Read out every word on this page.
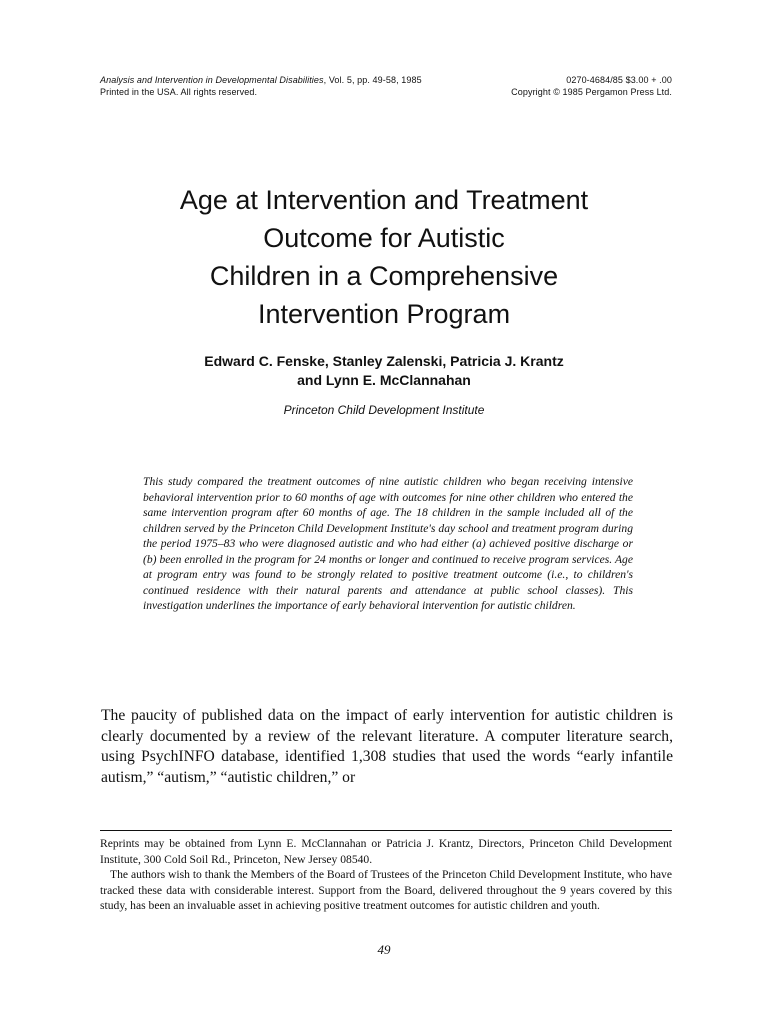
Analysis and Intervention in Developmental Disabilities, Vol. 5, pp. 49-58, 1985
Printed in the USA. All rights reserved.
0270-4684/85 $3.00 + .00
Copyright © 1985 Pergamon Press Ltd.
Age at Intervention and Treatment
Outcome for Autistic
Children in a Comprehensive
Intervention Program
Edward C. Fenske, Stanley Zalenski, Patricia J. Krantz
and Lynn E. McClannahan
Princeton Child Development Institute

This study compared the treatment outcomes of nine autistic children who began receiving intensive behavioral intervention prior to 60 months of age with outcomes for nine other children who entered the same intervention program after 60 months of age. The 18 children in the sample included all of the children served by the Princeton Child Development Institute's day school and treatment program during the period 1975–83 who were diagnosed autistic and who had either (a) achieved positive discharge or (b) been enrolled in the program for 24 months or longer and continued to receive program services. Age at program entry was found to be strongly related to positive treatment outcome (i.e., to children's continued residence with their natural parents and attendance at public school classes). This investigation underlines the importance of early behavioral intervention for autistic children.

The paucity of published data on the impact of early intervention for autistic children is clearly documented by a review of the relevant literature. A computer literature search, using PsychINFO database, identified 1,308 studies that used the words “early infantile autism,” “autism,” “autistic children,” or

Reprints may be obtained from Lynn E. McClannahan or Patricia J. Krantz, Directors, Princeton Child Development Institute, 300 Cold Soil Rd., Princeton, New Jersey 08540.

The authors wish to thank the Members of the Board of Trustees of the Princeton Child Development Institute, who have tracked these data with considerable interest. Support from the Board, delivered throughout the 9 years covered by this study, has been an invaluable asset in achieving positive treatment outcomes for autistic children and youth.

49
